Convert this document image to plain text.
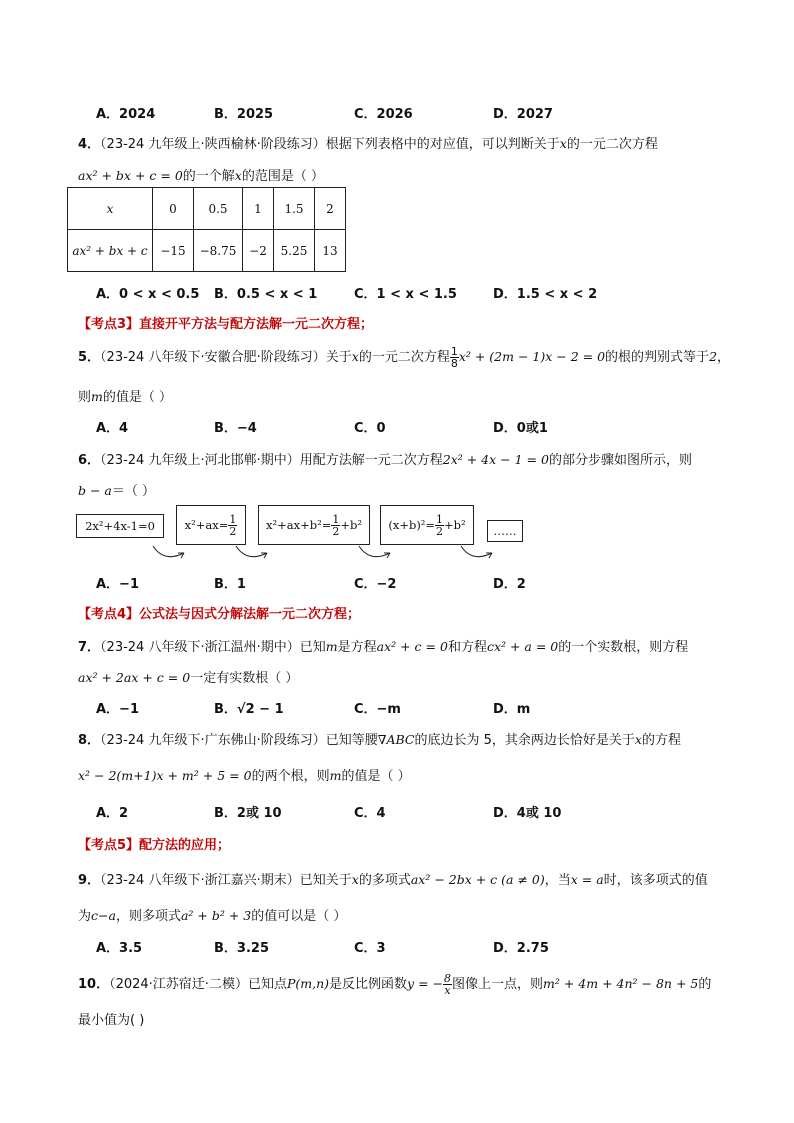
A．2024	B．2025	C．2026	D．2027
4．（23-24 九年级上·陕西榆林·阶段练习）根据下列表格中的对应值，可以判断关于x的一元二次方程
ax² + bx + c = 0的一个解x的范围是（ ）
x	0	0.5	1	1.5	2
ax² + bx + c	−15	−8.75	−2	5.25	13
A．0 < x < 0.5 B．0.5 < x < 1	C．1 < x < 1.5	D．1.5 < x < 2
【考点3】直接开平方法与配方法解一元二次方程；
5．（23-24 八年级下·安徽合肥·阶段练习）关于x的一元二次方程 $\frac{1}{8} x^2 + (2m - 1)x - 2 = 0$的根的判别式等于2，
则m的值是（ ）
A．4	B．−4	C．0	D．0或1
6．（23-24 九年级上·河北邯郸·期中）用配方法解一元二次方程2x² + 4x − 1 = 0的部分步骤如图所示，则
b − a＝（ ）
2x²+4x-1=0	$x^2+ax= \frac{1}{2} x^2+ax+b^2= \frac{1}{2} +b^2$ $(x+b)^2= \frac{1}{2} +b^2$	……
A．−1	B．1	C．−2	D．2
【考点4】公式法与因式分解法解一元二次方程；
7．（23-24 八年级下·浙江温州·期中）已知m是方程ax² + c = 0和方程cx² + a = 0的一个实数根，则方程
ax² + 2ax + c = 0一定有实数根（ ）
A．−1	B．√2 − 1	C．−m	D．m
8．（23-24 九年级下·广东佛山·阶段练习）已知等腰∇ABC的底边长为 5，其余两边长恰好是关于x的方程
x² − 2(m+1)x + m² + 5 = 0的两个根，则m的值是（ ）
A．2	B．2或 10	C．4	D．4或 10
【考点5】配方法的应用；
9．（23-24 八年级下·浙江嘉兴·期末）已知关于x的多项式ax² − 2bx + c (a ≠ 0)，当x = a时，该多项式的值
为c−a，则多项式a² + b² + 3的值可以是（ ）
A．3.5	B．3.25	C．3	D．2.75
10．（2024·江苏宿迁·二模）已知点P(m,n)是反比例函数y = − $\frac{8}{x}$ 图像上一点，则m² + 4m + 4n² − 8n + 5的
最小值为( )
